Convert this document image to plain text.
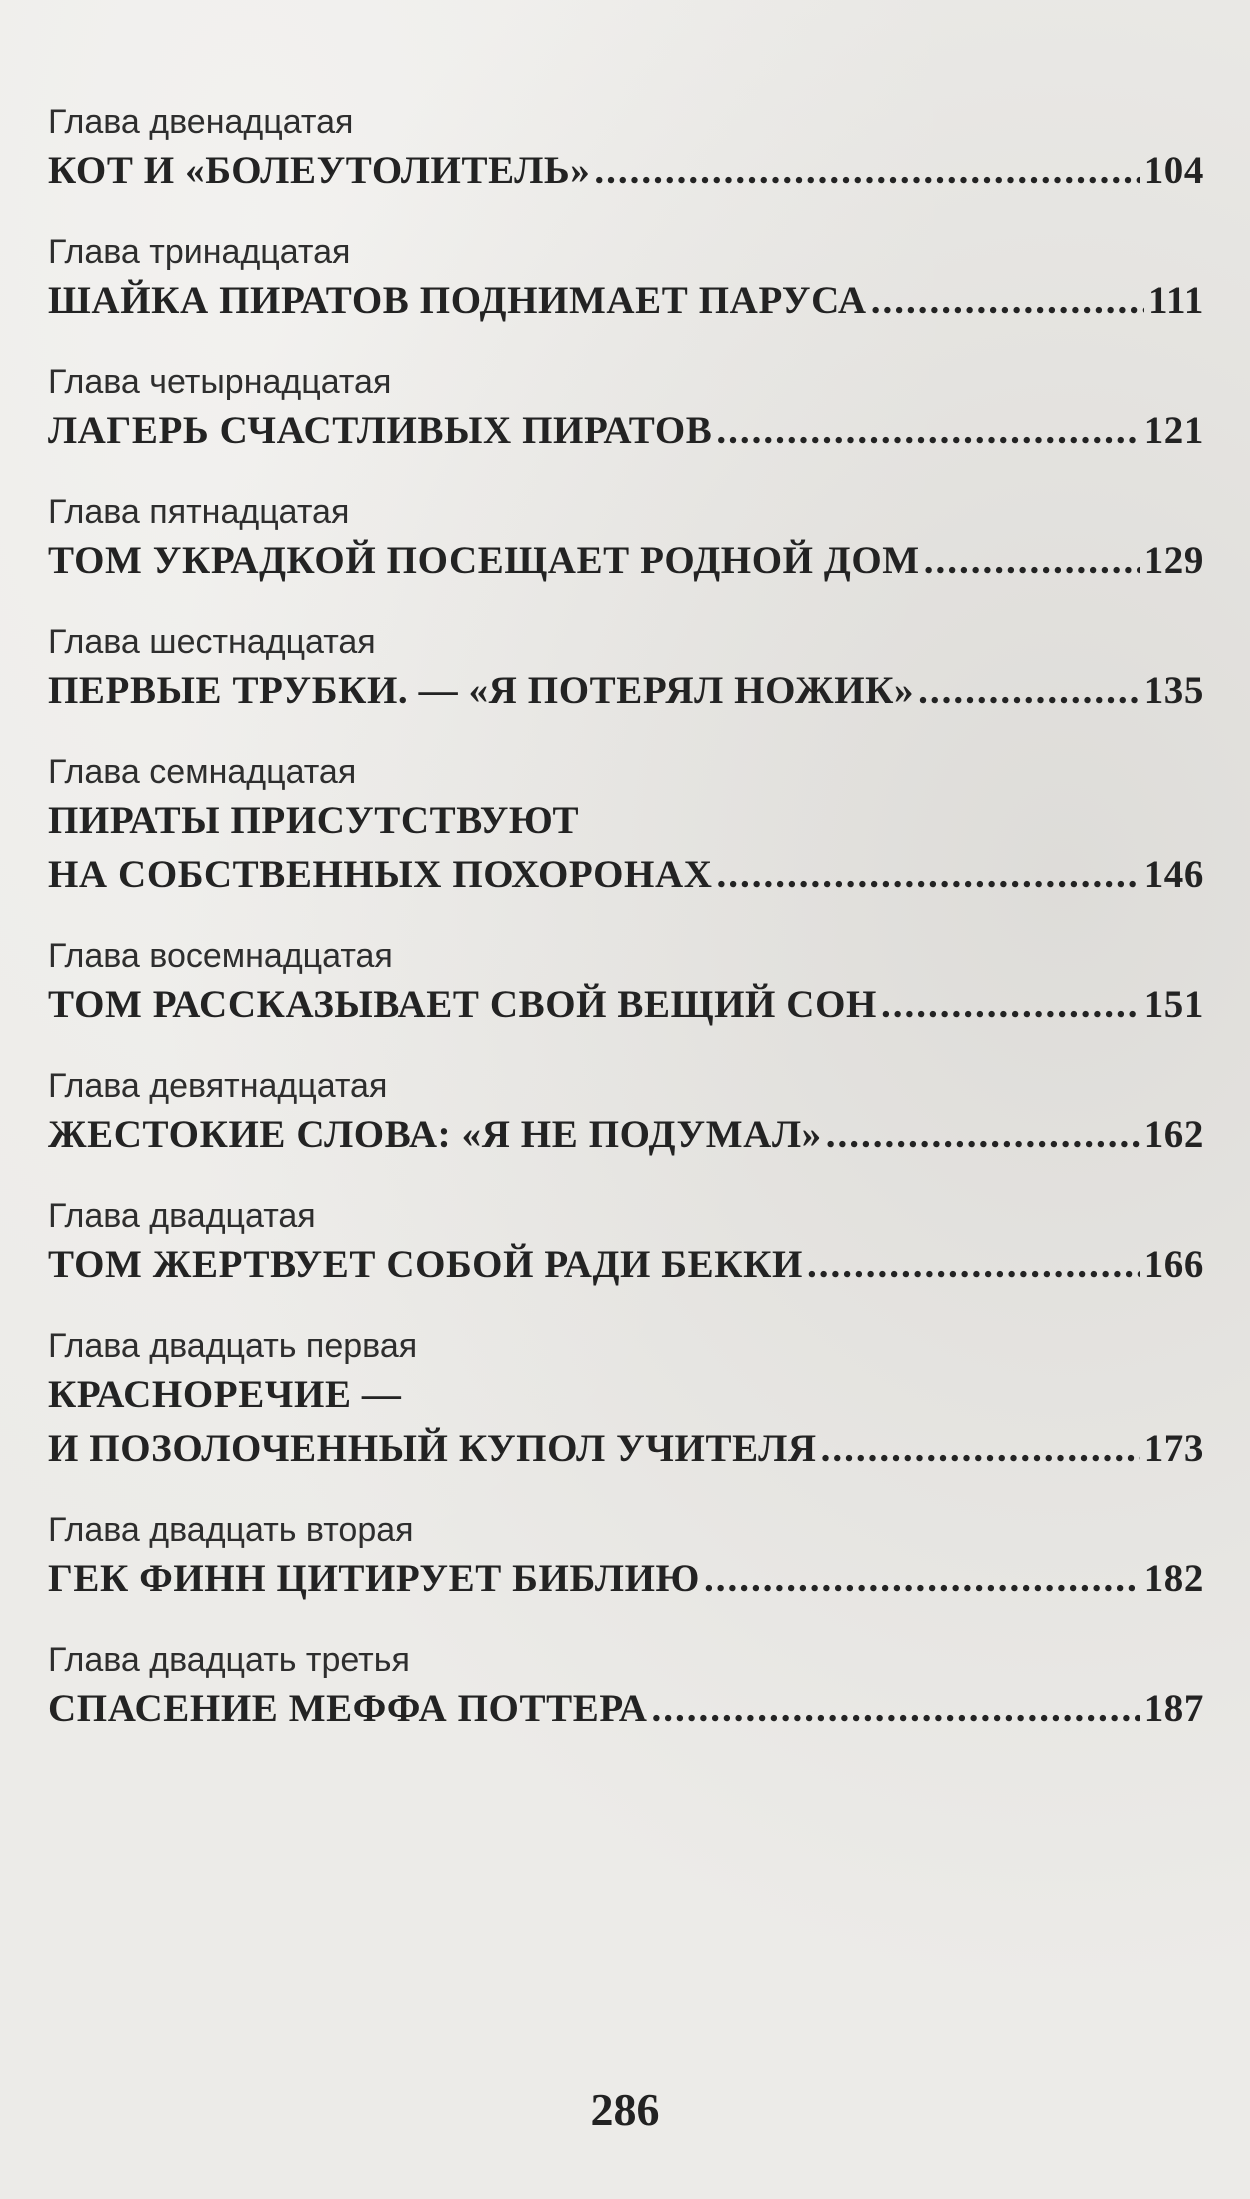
Глава двенадцатая
КОТ И «БОЛЕУТОЛИТЕЛЬ» .....	104
Глава тринадцатая
ШАЙКА ПИРАТОВ ПОДНИМАЕТ ПАРУСА .....	111
Глава четырнадцатая
ЛАГЕРЬ СЧАСТЛИВЫХ ПИРАТОВ .....	121
Глава пятнадцатая
ТОМ УКРАДКОЙ ПОСЕЩАЕТ РОДНОЙ ДОМ .....	129
Глава шестнадцатая
ПЕРВЫЕ ТРУБКИ. — «Я ПОТЕРЯЛ НОЖИК» .....	135
Глава семнадцатая
ПИРАТЫ ПРИСУТСТВУЮТ
НА СОБСТВЕННЫХ ПОХОРОНАХ .....	146
Глава восемнадцатая
ТОМ РАССКАЗЫВАЕТ СВОЙ ВЕЩИЙ СОН .....	151
Глава девятнадцатая
ЖЕСТОКИЕ СЛОВА: «Я НЕ ПОДУМАЛ» .....	162
Глава двадцатая
ТОМ ЖЕРТВУЕТ СОБОЙ РАДИ БЕККИ .....	166
Глава двадцать первая
КРАСНОРЕЧИЕ —
И ПОЗОЛОЧЕННЫЙ КУПОЛ УЧИТЕЛЯ .....	173
Глава двадцать вторая
ГЕК ФИНН ЦИТИРУЕТ БИБЛИЮ .....	182
Глава двадцать третья
СПАСЕНИЕ МЕФФА ПОТТЕРА .....	187
286
